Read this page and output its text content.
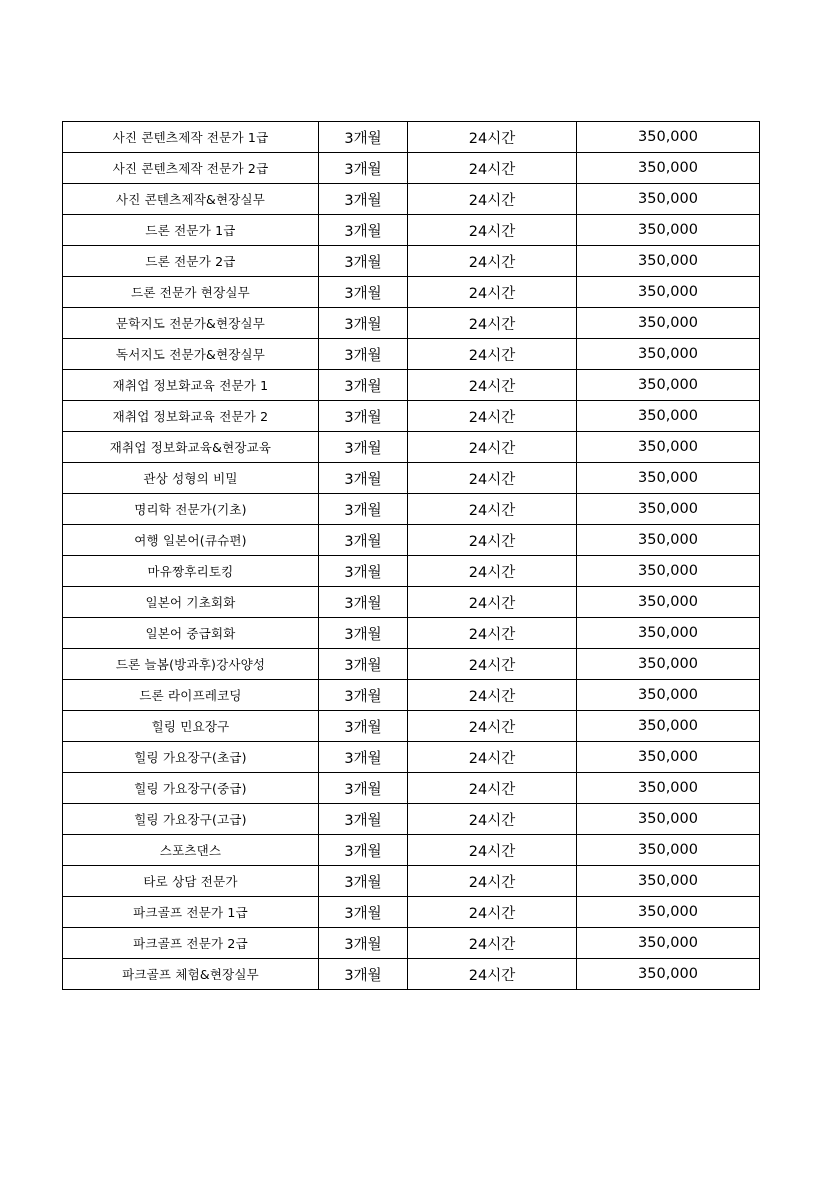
사진 콘텐츠제작 전문가 1급	3개월	24시간	350,000
사진 콘텐츠제작 전문가 2급	3개월	24시간	350,000
사진 콘텐츠제작&현장실무	3개월	24시간	350,000
드론 전문가 1급	3개월	24시간	350,000
드론 전문가 2급	3개월	24시간	350,000
드론 전문가 현장실무	3개월	24시간	350,000
문학지도 전문가&현장실무	3개월	24시간	350,000
독서지도 전문가&현장실무	3개월	24시간	350,000
재취업 정보화교육 전문가 1	3개월	24시간	350,000
재취업 정보화교육 전문가 2	3개월	24시간	350,000
재취업 정보화교육&현장교육	3개월	24시간	350,000
관상 성형의 비밀	3개월	24시간	350,000
명리학 전문가(기초)	3개월	24시간	350,000
여행 일본어(큐슈편)	3개월	24시간	350,000
마유짱후리토킹	3개월	24시간	350,000
일본어 기초회화	3개월	24시간	350,000
일본어 중급회화	3개월	24시간	350,000
드론 늘봄(방과후)강사양성	3개월	24시간	350,000
드론 라이프레코딩	3개월	24시간	350,000
힐링 민요장구	3개월	24시간	350,000
힐링 가요장구(초급)	3개월	24시간	350,000
힐링 가요장구(중급)	3개월	24시간	350,000
힐링 가요장구(고급)	3개월	24시간	350,000
스포츠댄스	3개월	24시간	350,000
타로 상담 전문가	3개월	24시간	350,000
파크골프 전문가 1급	3개월	24시간	350,000
파크골프 전문가 2급	3개월	24시간	350,000
파크골프 체험&현장실무	3개월	24시간	350,000
